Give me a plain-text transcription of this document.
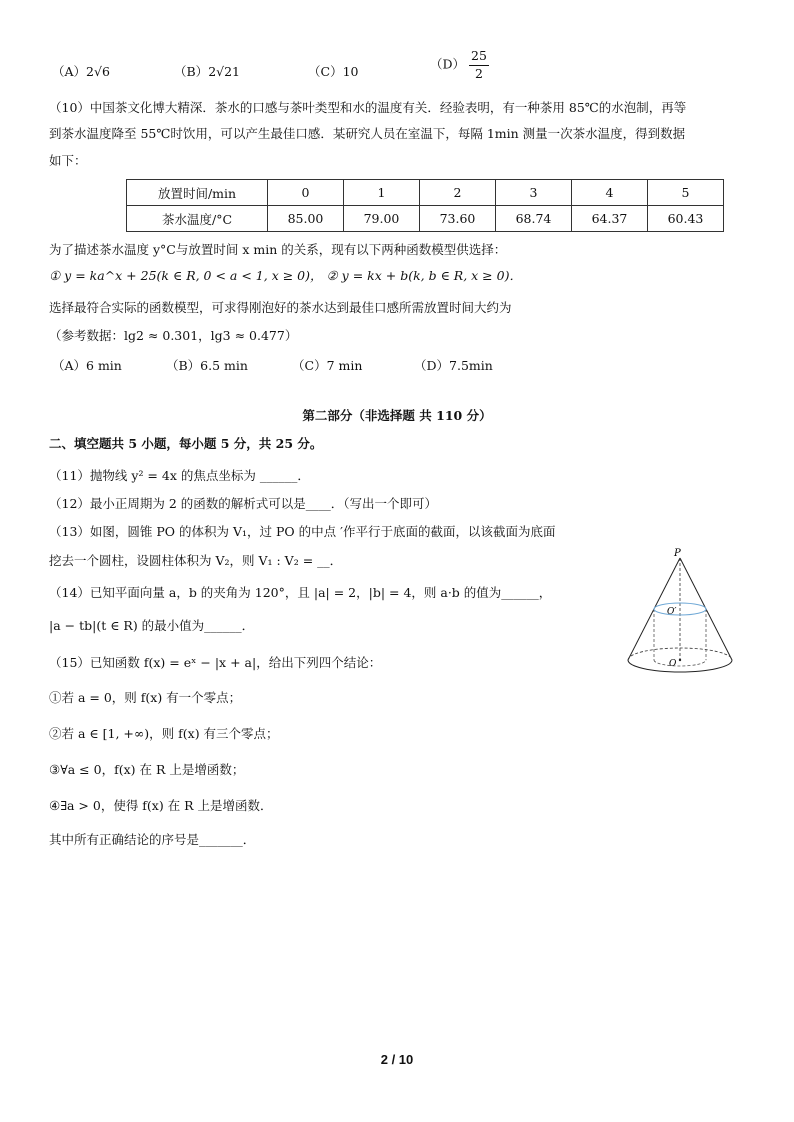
（A）2√6	（B）2√21	（C）10	$(D) \frac{25}{2}$
（10）中国茶文化博大精深．茶水的口感与茶叶类型和水的温度有关．经验表明，有一种茶用 85℃的水泡制，再等
到茶水温度降至 55℃时饮用，可以产生最佳口感．某研究人员在室温下，每隔 1min 测量一次茶水温度，得到数据
如下：
放置时间/min	0	1	2	3	4	5
茶水温度/°C	85.00	79.00	73.60	68.74	64.37	60.43
为了描述茶水温度 y°C与放置时间 x min 的关系，现有以下两种函数模型供选择：
① y = ka^x + 25(k ∈ R, 0 < a < 1, x ≥ 0)， ② y = kx + b(k, b ∈ R, x ≥ 0)．
选择最符合实际的函数模型，可求得刚泡好的茶水达到最佳口感所需放置时间大约为
（参考数据：lg2 ≈ 0.301，lg3 ≈ 0.477）
（A）6 min	（B）6.5 min	（C）7 min	（D）7.5min
第二部分（非选择题 共 110 分）
二、填空题共 5 小题，每小题 5 分，共 25 分。
（11）抛物线 y² = 4x 的焦点坐标为 ______．
（12）最小正周期为 2 的函数的解析式可以是____．（写出一个即可）
（13）如图，圆锥 PO 的体积为 V₁，过 PO 的中点 ′作平行于底面的截面，以该截面为底面
挖去一个圆柱，设圆柱体积为 V₂，则 V₁ : V₂ = __．
（14）已知平面向量 a，b 的夹角为 120°，且 |a| = 2，|b| = 4，则 a·b 的值为______，
|a − tb|(t ∈ R) 的最小值为______．
（15）已知函数 f(x) = eˣ − |x + a|，给出下列四个结论：
①若 a = 0，则 f(x) 有一个零点；
②若 a ∈ [1, +∞)，则 f(x) 有三个零点；
③∀a ≤ 0，f(x) 在 R 上是增函数；
④∃a > 0，使得 f(x) 在 R 上是增函数．
其中所有正确结论的序号是_______．
P
O′
O
2 / 10
